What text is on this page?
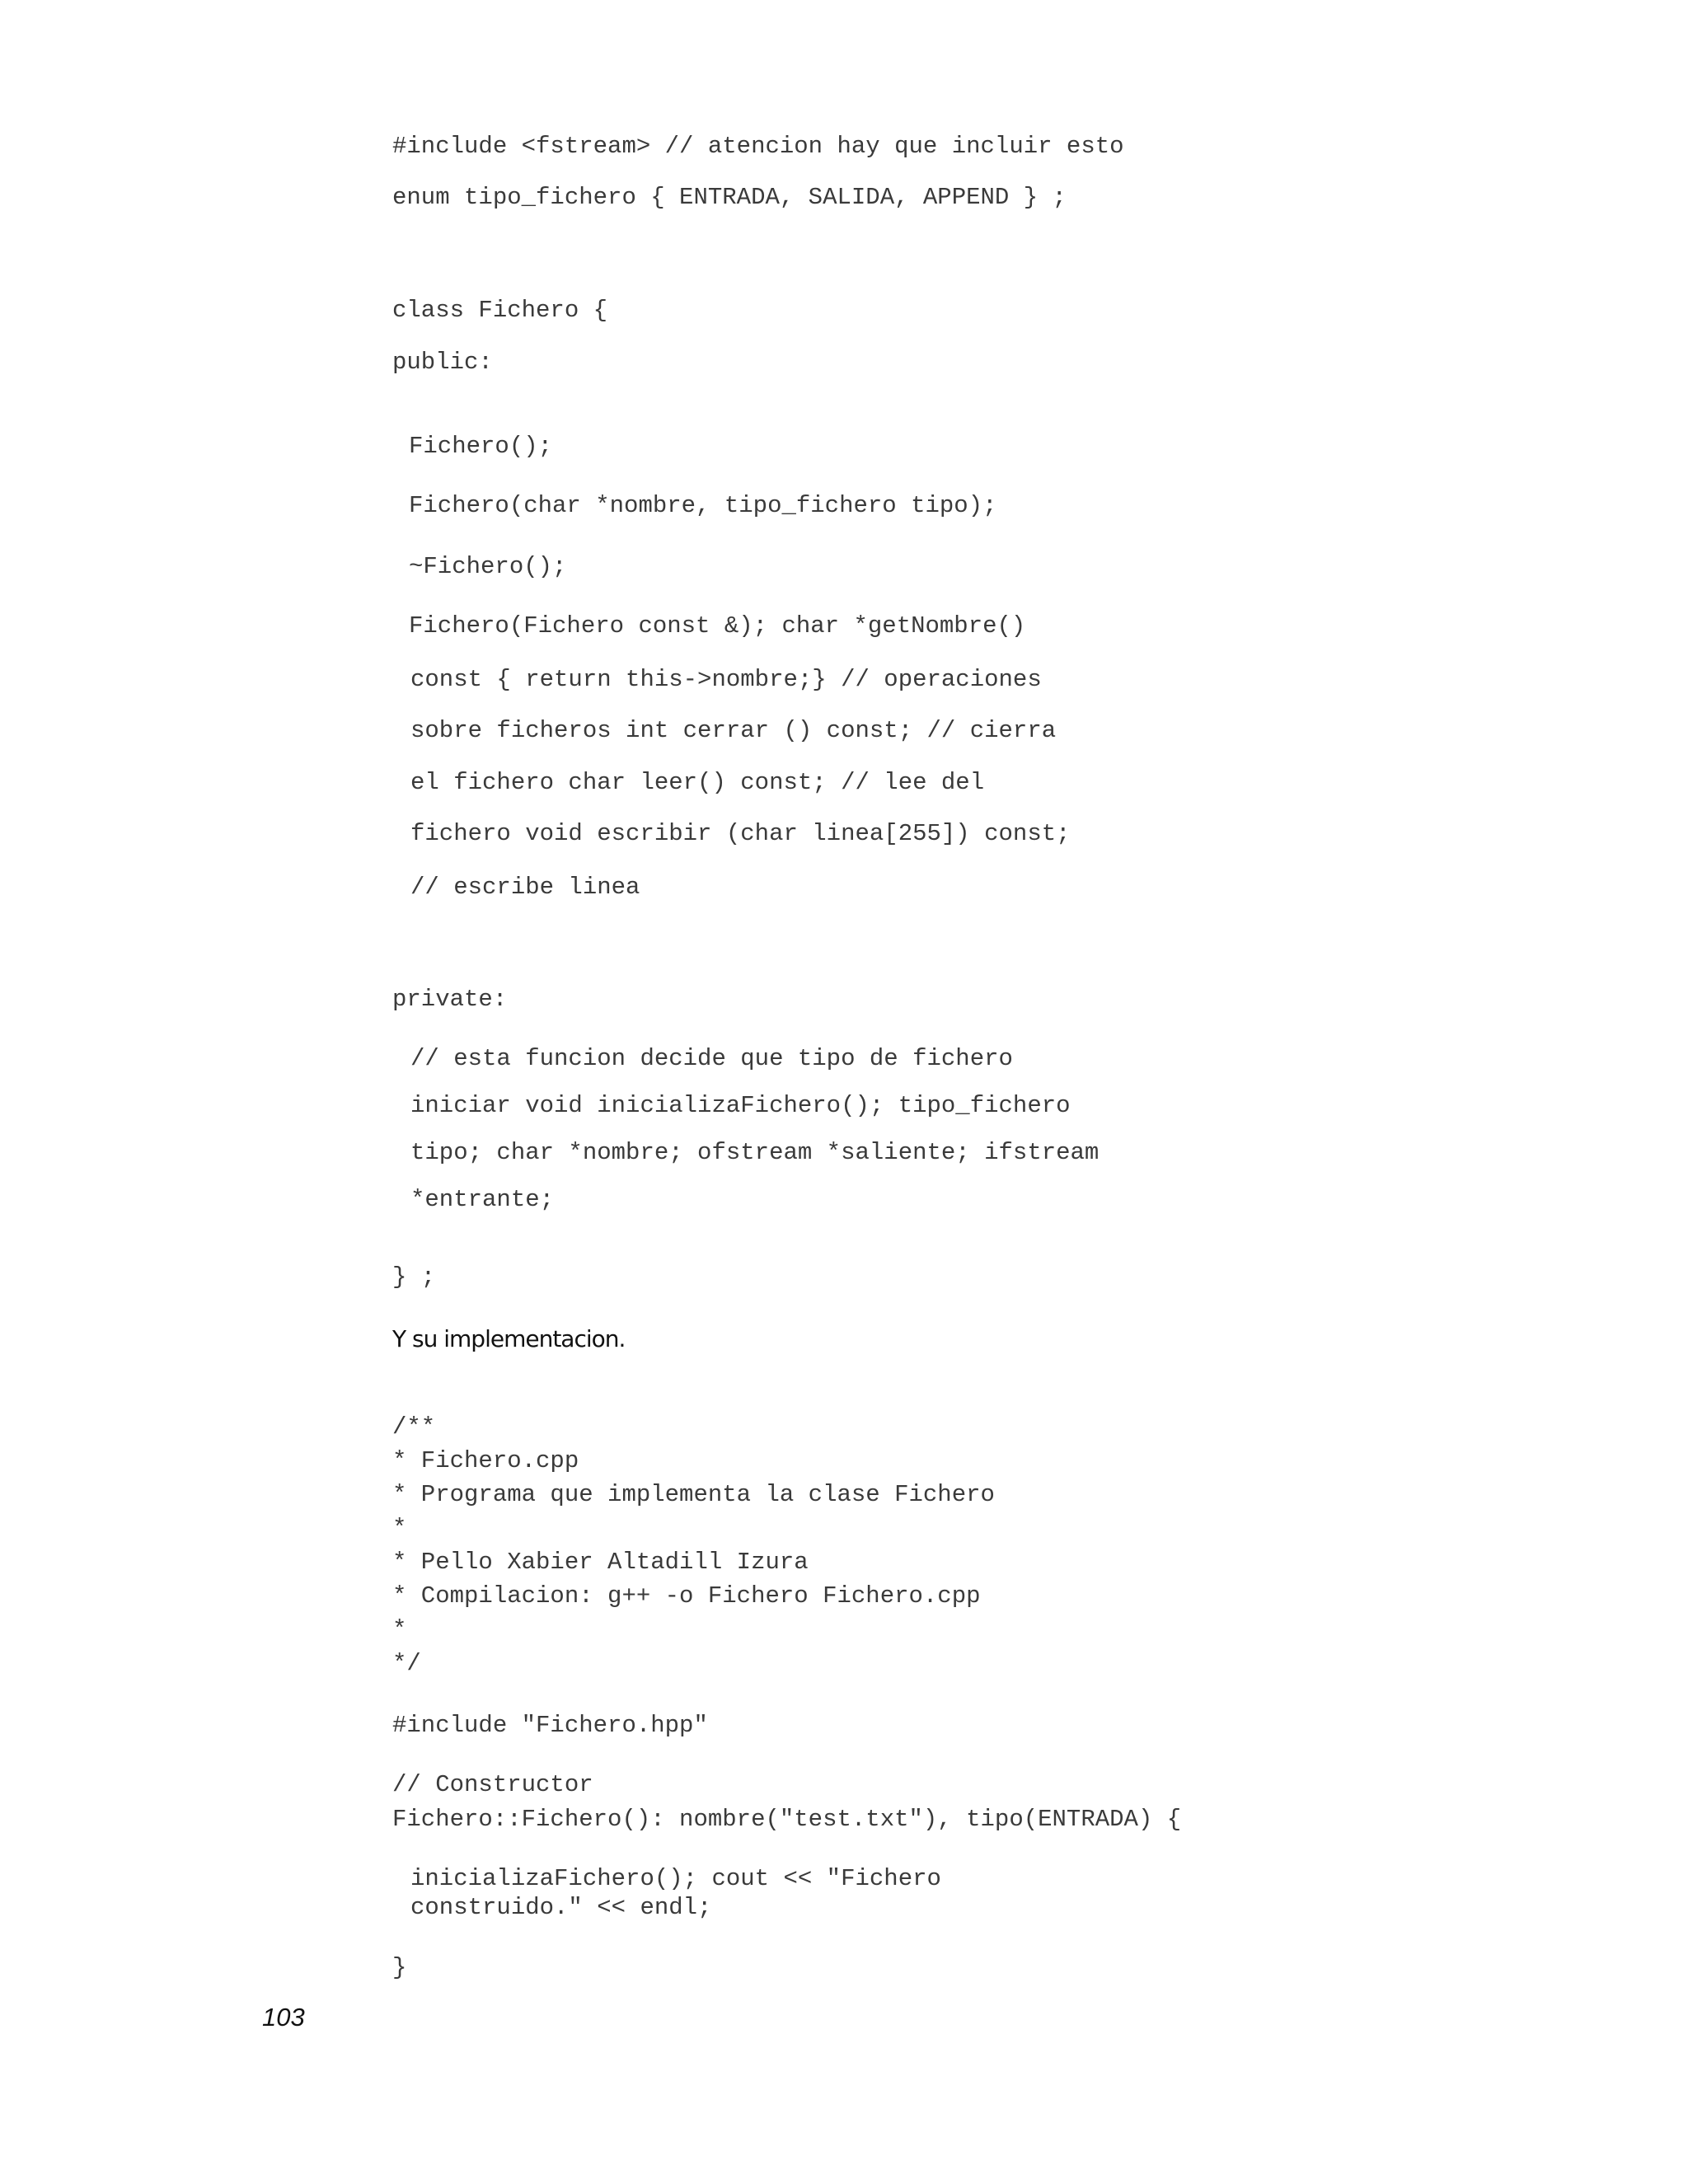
#include <fstream> // atencion hay que incluir esto

enum tipo_fichero { ENTRADA, SALIDA, APPEND } ;

class Fichero {

public:

Fichero();

Fichero(char *nombre, tipo_fichero tipo);

~Fichero();

Fichero(Fichero const &); char *getNombre()

const { return this->nombre;} // operaciones

sobre ficheros int cerrar () const; // cierra

el fichero char leer() const; // lee del

fichero void escribir (char linea[255]) const;

// escribe linea

private:

// esta funcion decide que tipo de fichero

iniciar void inicializaFichero(); tipo_fichero

tipo; char *nombre; ofstream *saliente; ifstream

*entrante;

} ;

Y su implementacion.

/**

* Fichero.cpp

* Programa que implementa la clase Fichero

*

* Pello Xabier Altadill Izura

* Compilacion: g++ -o Fichero Fichero.cpp

*

*/

#include "Fichero.hpp"

// Constructor

Fichero::Fichero(): nombre("test.txt"), tipo(ENTRADA) {

inicializaFichero(); cout << "Fichero

construido." << endl;

}

103
